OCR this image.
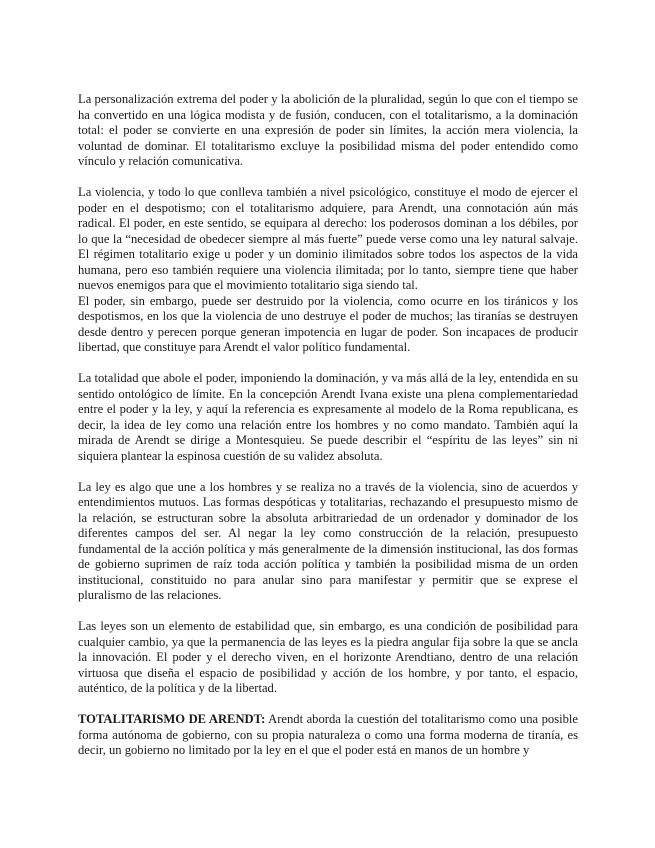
La personalización extrema del poder y la abolición de la pluralidad, según lo que con el tiempo se ha convertido en una lógica modista y de fusión, conducen, con el totalitarismo, a la dominación total: el poder se convierte en una expresión de poder sin límites, la acción mera violencia, la voluntad de dominar. El totalitarismo excluye la posibilidad misma del poder entendido como vínculo y relación comunicativa.

La violencia, y todo lo que conlleva también a nivel psicológico, constituye el modo de ejercer el poder en el despotismo; con el totalitarismo adquiere, para Arendt, una connotación aún más radical. El poder, en este sentido, se equipara al derecho: los poderosos dominan a los débiles, por lo que la “necesidad de obedecer siempre al más fuerte” puede verse como una ley natural salvaje. El régimen totalitario exige u poder y un dominio ilimitados sobre todos los aspectos de la vida humana, pero eso también requiere una violencia ilimitada; por lo tanto, siempre tiene que haber nuevos enemigos para que el movimiento totalitario siga siendo tal.

El poder, sin embargo, puede ser destruido por la violencia, como ocurre en los tiránicos y los despotismos, en los que la violencia de uno destruye el poder de muchos; las tiranías se destruyen desde dentro y perecen porque generan impotencia en lugar de poder. Son incapaces de producir libertad, que constituye para Arendt el valor político fundamental.

La totalidad que abole el poder, imponiendo la dominación, y va más allá de la ley, entendida en su sentido ontológico de límite. En la concepción Arendt Ivana existe una plena complementariedad entre el poder y la ley, y aquí la referencia es expresamente al modelo de la Roma republicana, es decir, la idea de ley como una relación entre los hombres y no como mandato. También aquí la mirada de Arendt se dirige a Montesquieu. Se puede describir el “espíritu de las leyes” sin ni siquiera plantear la espinosa cuestión de su validez absoluta.

La ley es algo que une a los hombres y se realiza no a través de la violencia, sino de acuerdos y entendimientos mutuos. Las formas despóticas y totalitarias, rechazando el presupuesto mismo de la relación, se estructuran sobre la absoluta arbitrariedad de un ordenador y dominador de los diferentes campos del ser. Al negar la ley como construcción de la relación, presupuesto fundamental de la acción política y más generalmente de la dimensión institucional, las dos formas de gobierno suprimen de raíz toda acción política y también la posibilidad misma de un orden institucional, constituido no para anular sino para manifestar y permitir que se exprese el pluralismo de las relaciones.

Las leyes son un elemento de estabilidad que, sin embargo, es una condición de posibilidad para cualquier cambio, ya que la permanencia de las leyes es la piedra angular fija sobre la que se ancla la innovación. El poder y el derecho viven, en el horizonte Arendtiano, dentro de una relación virtuosa que diseña el espacio de posibilidad y acción de los hombre, y por tanto, el espacio, auténtico, de la política y de la libertad.

TOTALITARISMO DE ARENDT: Arendt aborda la cuestión del totalitarismo como una posible forma autónoma de gobierno, con su propia naturaleza o como una forma moderna de tiranía, es decir, un gobierno no limitado por la ley en el que el poder está en manos de un hombre y
